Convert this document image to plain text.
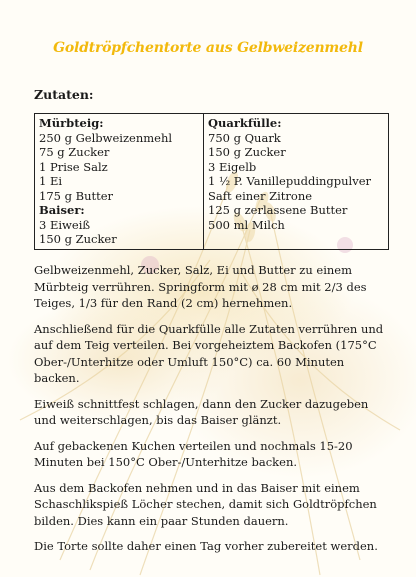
Goldtröpfchentorte aus Gelbweizenmehl
Zutaten:
Mürbteig:
250 g Gelbweizenmehl
75 g Zucker
1 Prise Salz
1 Ei
175 g Butter
Baiser:
3 Eiweiß
150 g Zucker

Quarkfülle:
750 g Quark
150 g Zucker
3 Eigelb
1 ½ P. Vanillepuddingpulver
Saft einer Zitrone
125 g zerlassene Butter
500 ml Milch

Gelbweizenmehl, Zucker, Salz, Ei und Butter zu einem Mürbteig verrühren. Springform mit ø 28 cm mit 2/3 des Teiges, 1/3 für den Rand (2 cm) hernehmen.

Anschließend für die Quarkfülle alle Zutaten verrühren und auf dem Teig verteilen. Bei vorgeheiztem Backofen (175°C Ober-/Unterhitze oder Umluft 150°C) ca. 60 Minuten backen.

Eiweiß schnittfest schlagen, dann den Zucker dazugeben und weiterschlagen, bis das Baiser glänzt.

Auf gebackenen Kuchen verteilen und nochmals 15-20 Minuten bei 150°C Ober-/Unterhitze backen.

Aus dem Backofen nehmen und in das Baiser mit einem Schaschlikspieß Löcher stechen, damit sich Goldtröpfchen bilden. Dies kann ein paar Stunden dauern.

Die Torte sollte daher einen Tag vorher zubereitet werden.
